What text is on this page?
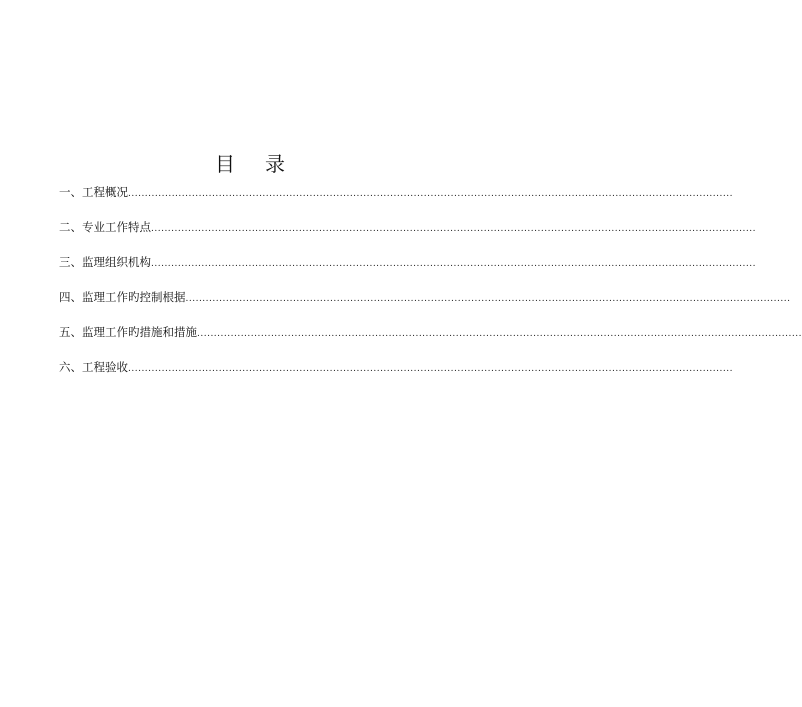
目 录
一、工程概况 ....................................................................................................................................................................................
二、专业工作特点 ....................................................................................................................................................................................
三、监理组织机构 ....................................................................................................................................................................................
四、监理工作旳控制根据 ....................................................................................................................................................................................
五、监理工作旳措施和措施 ....................................................................................................................................................................................
六、工程验收 ....................................................................................................................................................................................
